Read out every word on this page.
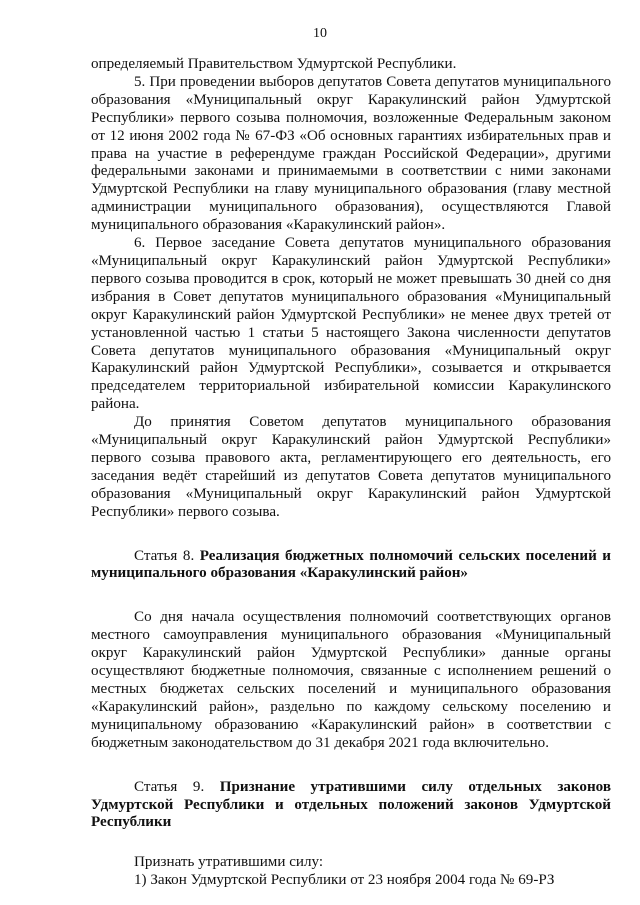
10

определяемый Правительством Удмуртской Республики.

5. При проведении выборов депутатов Совета депутатов муниципального образования «Муниципальный округ Каракулинский район Удмуртской Республики» первого созыва полномочия, возложенные Федеральным законом от 12 июня 2002 года № 67-ФЗ «Об основных гарантиях избирательных прав и права на участие в референдуме граждан Российской Федерации», другими федеральными законами и принимаемыми в соответствии с ними законами Удмуртской Республики на главу муниципального образования (главу местной администрации муниципального образования), осуществляются Главой муниципального образования «Каракулинский район».

6. Первое заседание Совета депутатов муниципального образования «Муниципальный округ Каракулинский район Удмуртской Республики» первого созыва проводится в срок, который не может превышать 30 дней со дня избрания в Совет депутатов муниципального образования «Муниципальный округ Каракулинский район Удмуртской Республики» не менее двух третей от установленной частью 1 статьи 5 настоящего Закона численности депутатов Совета депутатов муниципального образования «Муниципальный округ Каракулинский район Удмуртской Республики», созывается и открывается председателем территориальной избирательной комиссии Каракулинского района.

До принятия Советом депутатов муниципального образования «Муниципальный округ Каракулинский район Удмуртской Республики» первого созыва правового акта, регламентирующего его деятельность, его заседания ведёт старейший из депутатов Совета депутатов муниципального образования «Муниципальный округ Каракулинский район Удмуртской Республики» первого созыва.

Статья 8. Реализация бюджетных полномочий сельских поселений и муниципального образования «Каракулинский район»

Со дня начала осуществления полномочий соответствующих органов местного самоуправления муниципального образования «Муниципальный округ Каракулинский район Удмуртской Республики» данные органы осуществляют бюджетные полномочия, связанные с исполнением решений о местных бюджетах сельских поселений и муниципального образования «Каракулинский район», раздельно по каждому сельскому поселению и муниципальному образованию «Каракулинский район» в соответствии с бюджетным законодательством до 31 декабря 2021 года включительно.

Статья 9. Признание утратившими силу отдельных законов Удмуртской Республики и отдельных положений законов Удмуртской Республики

Признать утратившими силу:

1) Закон Удмуртской Республики от 23 ноября 2004 года № 69-РЗ
